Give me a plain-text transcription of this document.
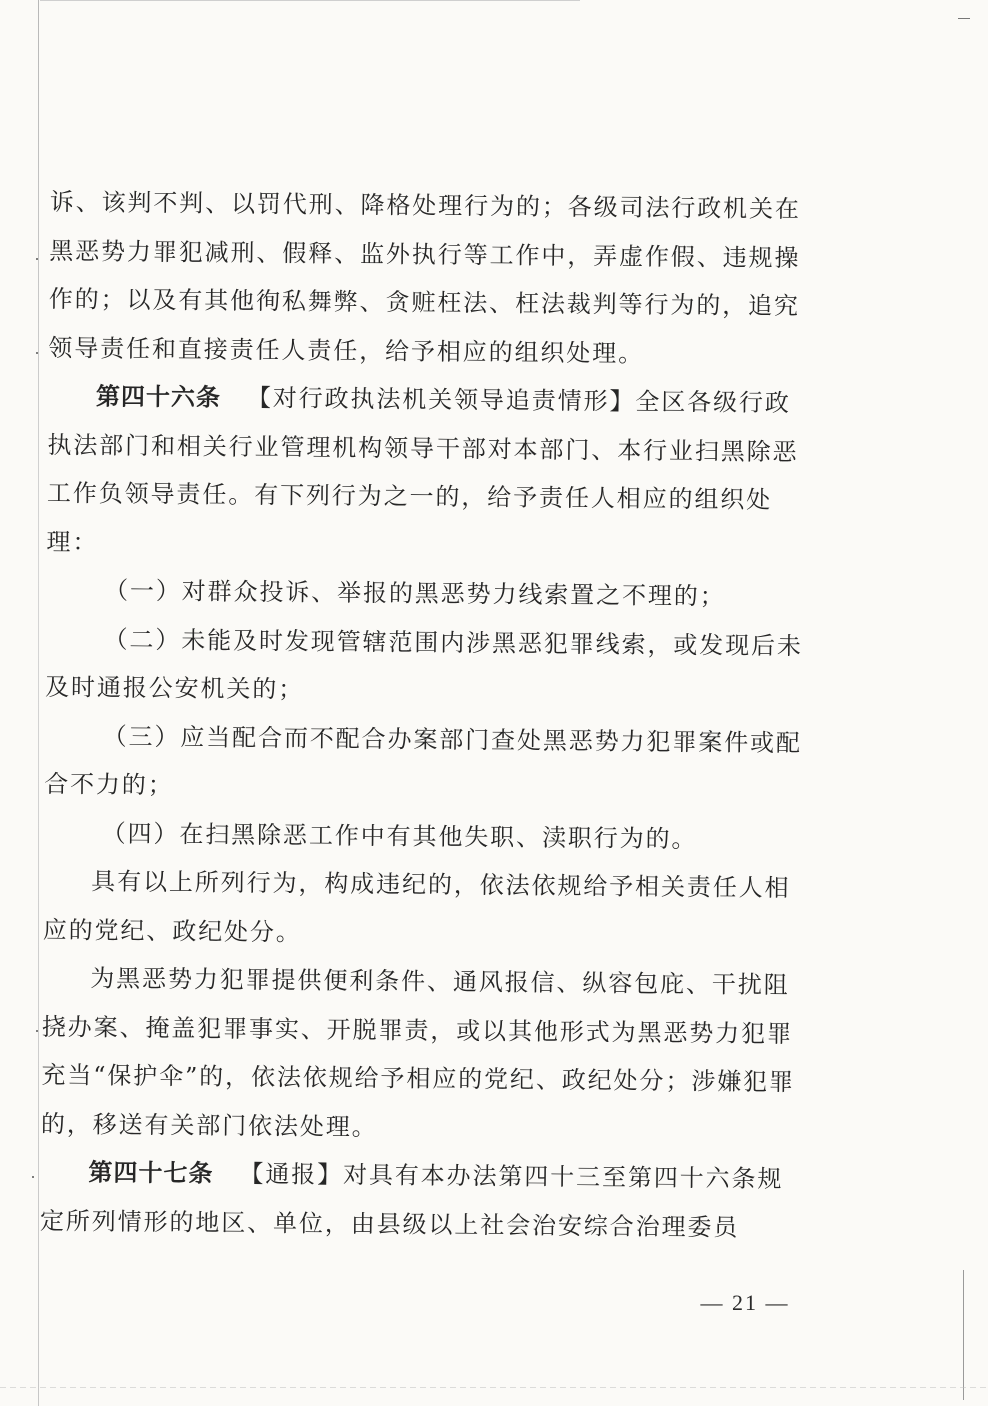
诉、该判不判、以罚代刑、降格处理行为的；各级司法行政机关在黑恶势力罪犯减刑、假释、监外执行等工作中，弄虚作假、违规操作的；以及有其他徇私舞弊、贪赃枉法、枉法裁判等行为的，追究领导责任和直接责任人责任，给予相应的组织处理。

第四十六条 【对行政执法机关领导追责情形】全区各级行政执法部门和相关行业管理机构领导干部对本部门、本行业扫黑除恶工作负领导责任。有下列行为之一的，给予责任人相应的组织处理：

（一）对群众投诉、举报的黑恶势力线索置之不理的；

（二）未能及时发现管辖范围内涉黑恶犯罪线索，或发现后未及时通报公安机关的；

（三）应当配合而不配合办案部门查处黑恶势力犯罪案件或配合不力的；

（四）在扫黑除恶工作中有其他失职、渎职行为的。

具有以上所列行为，构成违纪的，依法依规给予相关责任人相应的党纪、政纪处分。

为黑恶势力犯罪提供便利条件、通风报信、纵容包庇、干扰阻挠办案、掩盖犯罪事实、开脱罪责，或以其他形式为黑恶势力犯罪充当“保护伞”的，依法依规给予相应的党纪、政纪处分；涉嫌犯罪的，移送有关部门依法处理。

第四十七条 【通报】对具有本办法第四十三至第四十六条规定所列情形的地区、单位，由县级以上社会治安综合治理委员

— 21 —
